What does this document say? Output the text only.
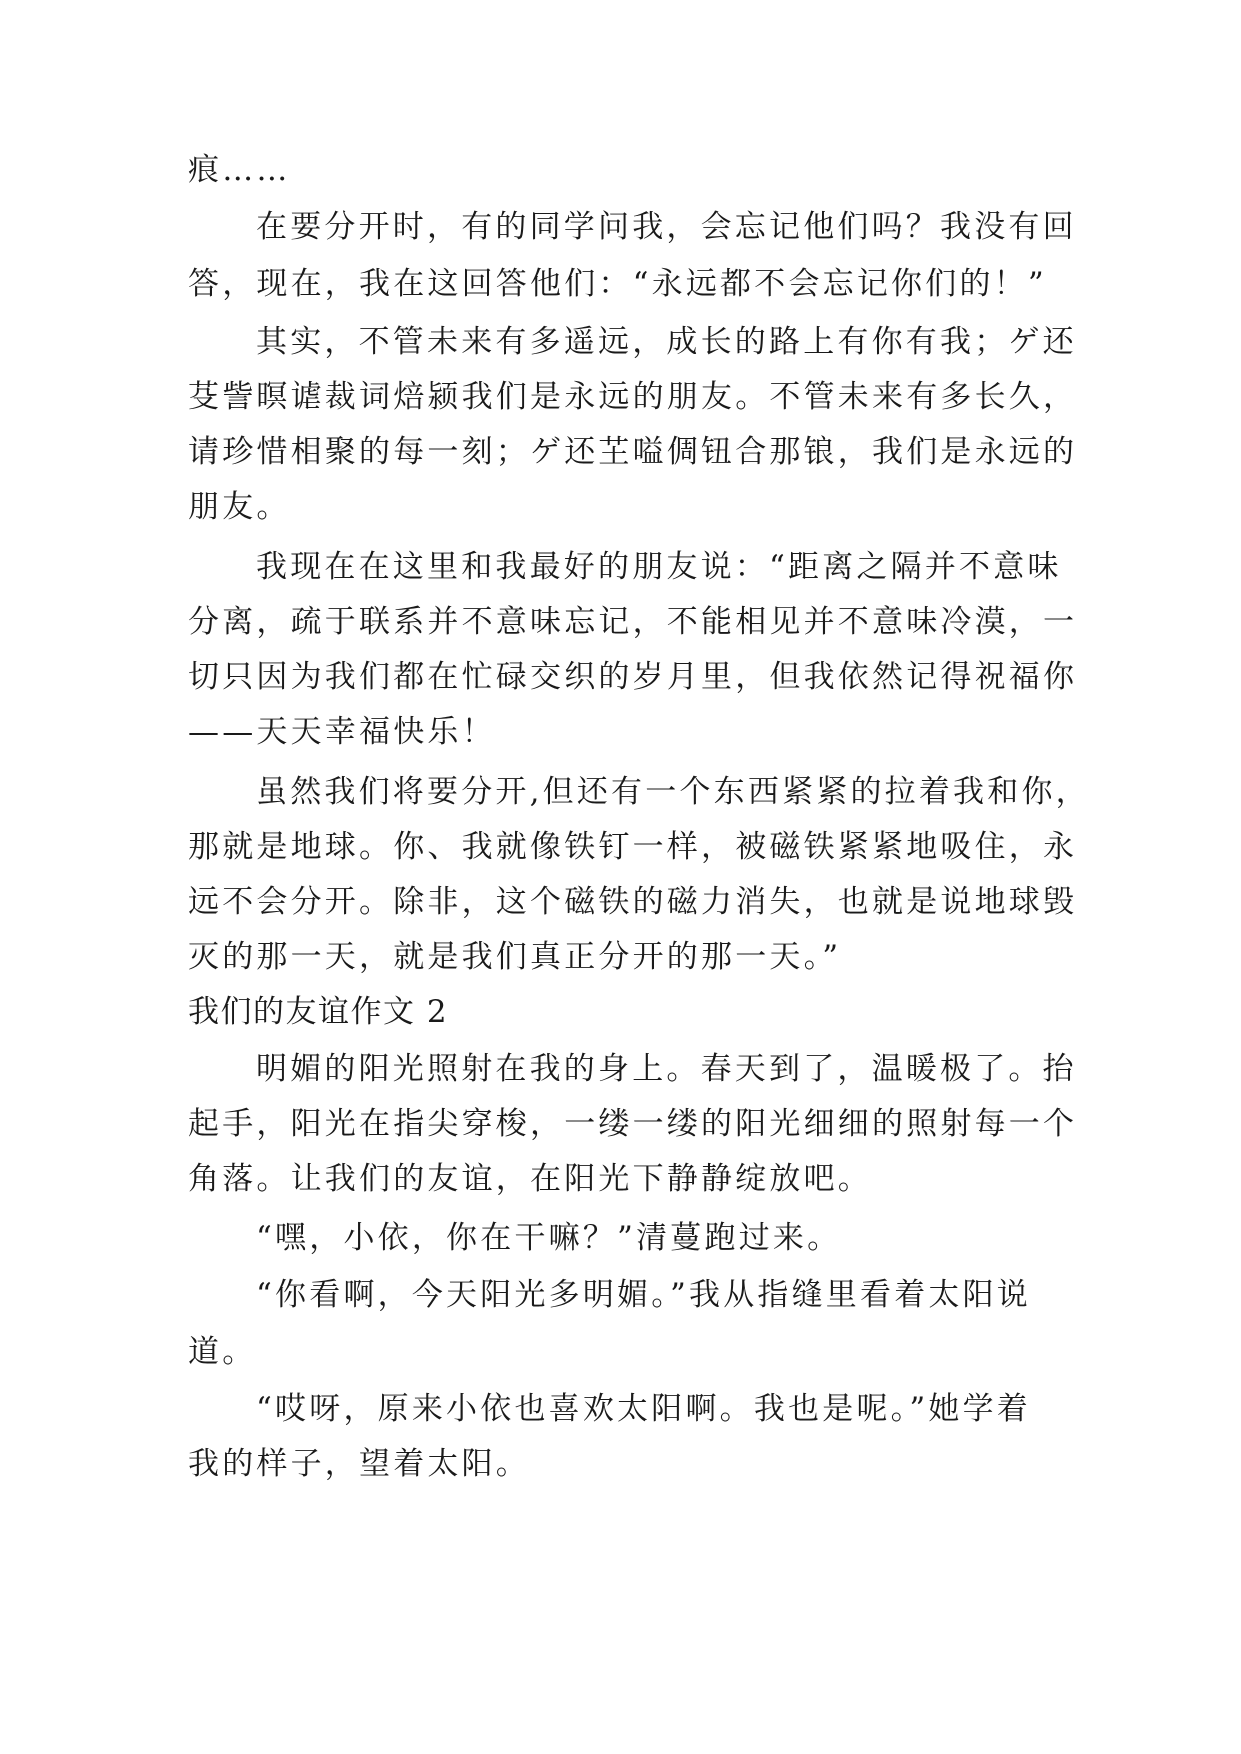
痕……
在要分开时，有的同学问我，会忘记他们吗？我没有回
答，现在，我在这回答他们：“永远都不会忘记你们的！”
其实，不管未来有多遥远，成长的路上有你有我；ゲ还
芟訾暝谑裁词焙颍我们是永远的朋友。不管未来有多长久，
请珍惜相聚的每一刻；ゲ还芏嗌倜钮合那锒，我们是永远的
朋友。
我现在在这里和我最好的朋友说：“距离之隔并不意味
分离，疏于联系并不意味忘记，不能相见并不意味冷漠，一
切只因为我们都在忙碌交织的岁月里，但我依然记得祝福你
——天天幸福快乐！
虽然我们将要分开,但还有一个东西紧紧的拉着我和你，
那就是地球。你、我就像铁钉一样，被磁铁紧紧地吸住，永
远不会分开。除非，这个磁铁的磁力消失，也就是说地球毁
灭的那一天，就是我们真正分开的那一天。”
我们的友谊作文 2
明媚的阳光照射在我的身上。春天到了，温暖极了。抬
起手，阳光在指尖穿梭，一缕一缕的阳光细细的照射每一个
角落。让我们的友谊，在阳光下静静绽放吧。
“嘿，小依，你在干嘛？”清蔓跑过来。
“你看啊，今天阳光多明媚。”我从指缝里看着太阳说
道。
“哎呀，原来小依也喜欢太阳啊。我也是呢。”她学着
我的样子，望着太阳。
